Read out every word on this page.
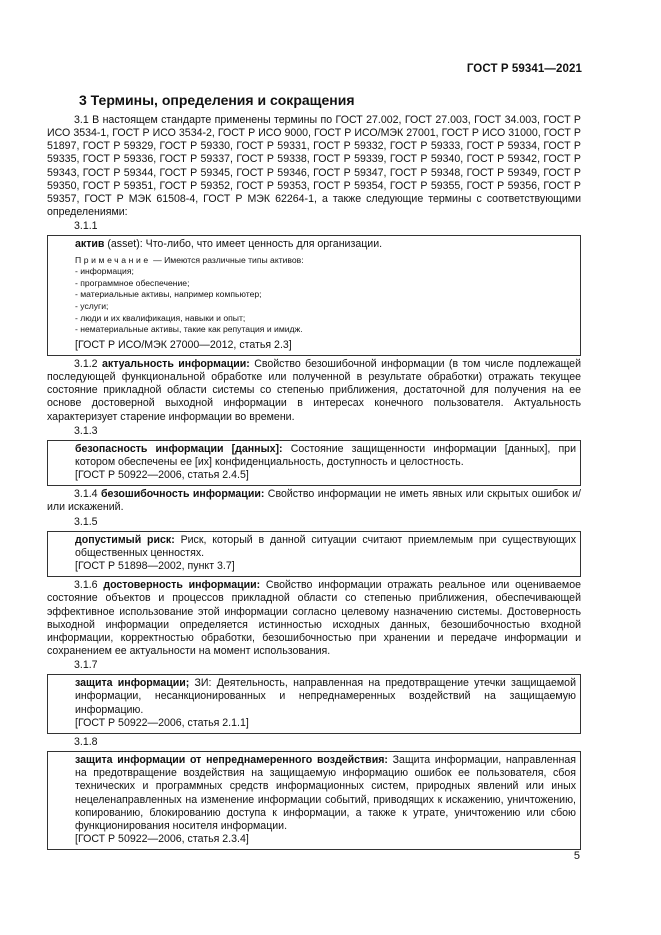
ГОСТ Р 59341—2021
3 Термины, определения и сокращения

3.1 В настоящем стандарте применены термины по ГОСТ 27.002, ГОСТ 27.003, ГОСТ 34.003, ГОСТ Р ИСО 3534-1, ГОСТ Р ИСО 3534-2, ГОСТ Р ИСО 9000, ГОСТ Р ИСО/МЭК 27001, ГОСТ Р ИСО 31000, ГОСТ Р 51897, ГОСТ Р 59329, ГОСТ Р 59330, ГОСТ Р 59331, ГОСТ Р 59332, ГОСТ Р 59333, ГОСТ Р 59334, ГОСТ Р 59335, ГОСТ Р 59336, ГОСТ Р 59337, ГОСТ Р 59338, ГОСТ Р 59339, ГОСТ Р 59340, ГОСТ Р 59342, ГОСТ Р 59343, ГОСТ Р 59344, ГОСТ Р 59345, ГОСТ Р 59346, ГОСТ Р 59347, ГОСТ Р 59348, ГОСТ Р 59349, ГОСТ Р 59350, ГОСТ Р 59351, ГОСТ Р 59352, ГОСТ Р 59353, ГОСТ Р 59354, ГОСТ Р 59355, ГОСТ Р 59356, ГОСТ Р 59357, ГОСТ Р МЭК 61508-4, ГОСТ Р МЭК 62264-1, а также следующие термины с соответствующими определениями:

3.1.1

актив (asset): Что-либо, что имеет ценность для организации.

Примечание — Имеются различные типы активов:
- информация;
- программное обеспечение;
- материальные активы, например компьютер;
- услуги;
- люди и их квалификация, навыки и опыт;
- нематериальные активы, такие как репутация и имидж.

[ГОСТ Р ИСО/МЭК 27000—2012, статья 2.3]

3.1.2 актуальность информации: Свойство безошибочной информации (в том числе подлежащей последующей функциональной обработке или полученной в результате обработки) отражать текущее состояние прикладной области системы со степенью приближения, достаточной для получения на ее основе достоверной выходной информации в интересах конечного пользователя. Актуальность характеризует старение информации во времени.

3.1.3

безопасность информации [данных]: Состояние защищенности информации [данных], при котором обеспечены ее [их] конфиденциальность, доступность и целостность.

[ГОСТ Р 50922—2006, статья 2.4.5]

3.1.4 безошибочность информации: Свойство информации не иметь явных или скрытых ошибок и/или искажений.

3.1.5

допустимый риск: Риск, который в данной ситуации считают приемлемым при существующих общественных ценностях.

[ГОСТ Р 51898—2002, пункт 3.7]

3.1.6 достоверность информации: Свойство информации отражать реальное или оцениваемое состояние объектов и процессов прикладной области со степенью приближения, обеспечивающей эффективное использование этой информации согласно целевому назначению системы. Достоверность выходной информации определяется истинностью исходных данных, безошибочностью входной информации, корректностью обработки, безошибочностью при хранении и передаче информации и сохранением ее актуальности на момент использования.

3.1.7

защита информации; ЗИ: Деятельность, направленная на предотвращение утечки защищаемой информации, несанкционированных и непреднамеренных воздействий на защищаемую информацию.

[ГОСТ Р 50922—2006, статья 2.1.1]

3.1.8

защита информации от непреднамеренного воздействия: Защита информации, направленная на предотвращение воздействия на защищаемую информацию ошибок ее пользователя, сбоя технических и программных средств информационных систем, природных явлений или иных нецеленаправленных на изменение информации событий, приводящих к искажению, уничтожению, копированию, блокированию доступа к информации, а также к утрате, уничтожению или сбою функционирования носителя информации.

[ГОСТ Р 50922—2006, статья 2.3.4]

5
